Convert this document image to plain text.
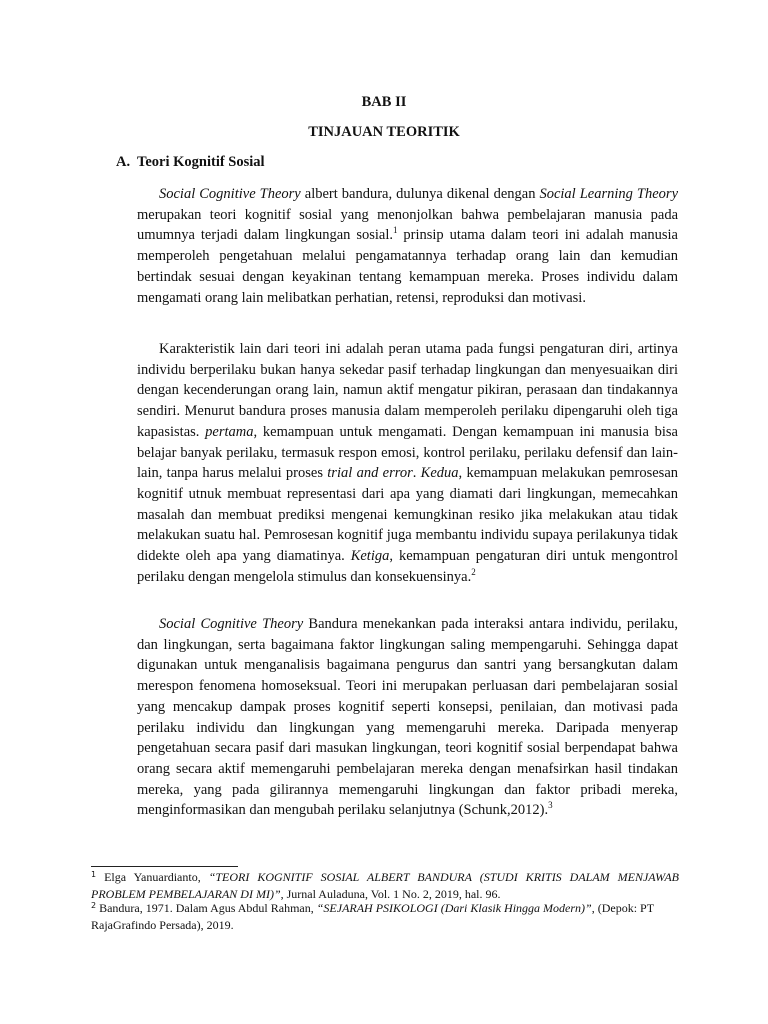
BAB II
TINJAUAN TEORITIK
A. Teori Kognitif Sosial

Social Cognitive Theory albert bandura, dulunya dikenal dengan Social Learning Theory merupakan teori kognitif sosial yang menonjolkan bahwa pembelajaran manusia pada umumnya terjadi dalam lingkungan sosial.$^1$ prinsip utama dalam teori ini adalah manusia memperoleh pengetahuan melalui pengamatannya terhadap orang lain dan kemudian bertindak sesuai dengan keyakinan tentang kemampuan mereka. Proses individu dalam mengamati orang lain melibatkan perhatian, retensi, reproduksi dan motivasi.

Karakteristik lain dari teori ini adalah peran utama pada fungsi pengaturan diri, artinya individu berperilaku bukan hanya sekedar pasif terhadap lingkungan dan menyesuaikan diri dengan kecenderungan orang lain, namun aktif mengatur pikiran, perasaan dan tindakannya sendiri. Menurut bandura proses manusia dalam memperoleh perilaku dipengaruhi oleh tiga kapasistas. pertama, kemampuan untuk mengamati. Dengan kemampuan ini manusia bisa belajar banyak perilaku, termasuk respon emosi, kontrol perilaku, perilaku defensif dan lain-lain, tanpa harus melalui proses trial and error. Kedua, kemampuan melakukan pemrosesan kognitif utnuk membuat representasi dari apa yang diamati dari lingkungan, memecahkan masalah dan membuat prediksi mengenai kemungkinan resiko jika melakukan atau tidak melakukan suatu hal. Pemrosesan kognitif juga membantu individu supaya perilakunya tidak didekte oleh apa yang diamatinya. Ketiga, kemampuan pengaturan diri untuk mengontrol perilaku dengan mengelola stimulus dan konsekuensinya.$^2$

Social Cognitive Theory Bandura menekankan pada interaksi antara individu, perilaku, dan lingkungan, serta bagaimana faktor lingkungan saling mempengaruhi. Sehingga dapat digunakan untuk menganalisis bagaimana pengurus dan santri yang bersangkutan dalam merespon fenomena homoseksual. Teori ini merupakan perluasan dari pembelajaran sosial yang mencakup dampak proses kognitif seperti konsepsi, penilaian, dan motivasi pada perilaku individu dan lingkungan yang memengaruhi mereka. Daripada menyerap pengetahuan secara pasif dari masukan lingkungan, teori kognitif sosial berpendapat bahwa orang secara aktif memengaruhi pembelajaran mereka dengan menafsirkan hasil tindakan mereka, yang pada gilirannya memengaruhi lingkungan dan faktor pribadi mereka, menginformasikan dan mengubah perilaku selanjutnya (Schunk,2012).$^3$

$^1$ Elga Yanuardianto, “TEORI KOGNITIF SOSIAL ALBERT BANDURA (STUDI KRITIS DALAM MENJAWAB PROBLEM PEMBELAJARAN DI MI)”, Jurnal Auladuna, Vol. 1 No. 2, 2019, hal. 96.
$^2$ Bandura, 1971. Dalam Agus Abdul Rahman, “SEJARAH PSIKOLOGI (Dari Klasik Hingga Modern)”, (Depok: PT RajaGrafindo Persada), 2019.
